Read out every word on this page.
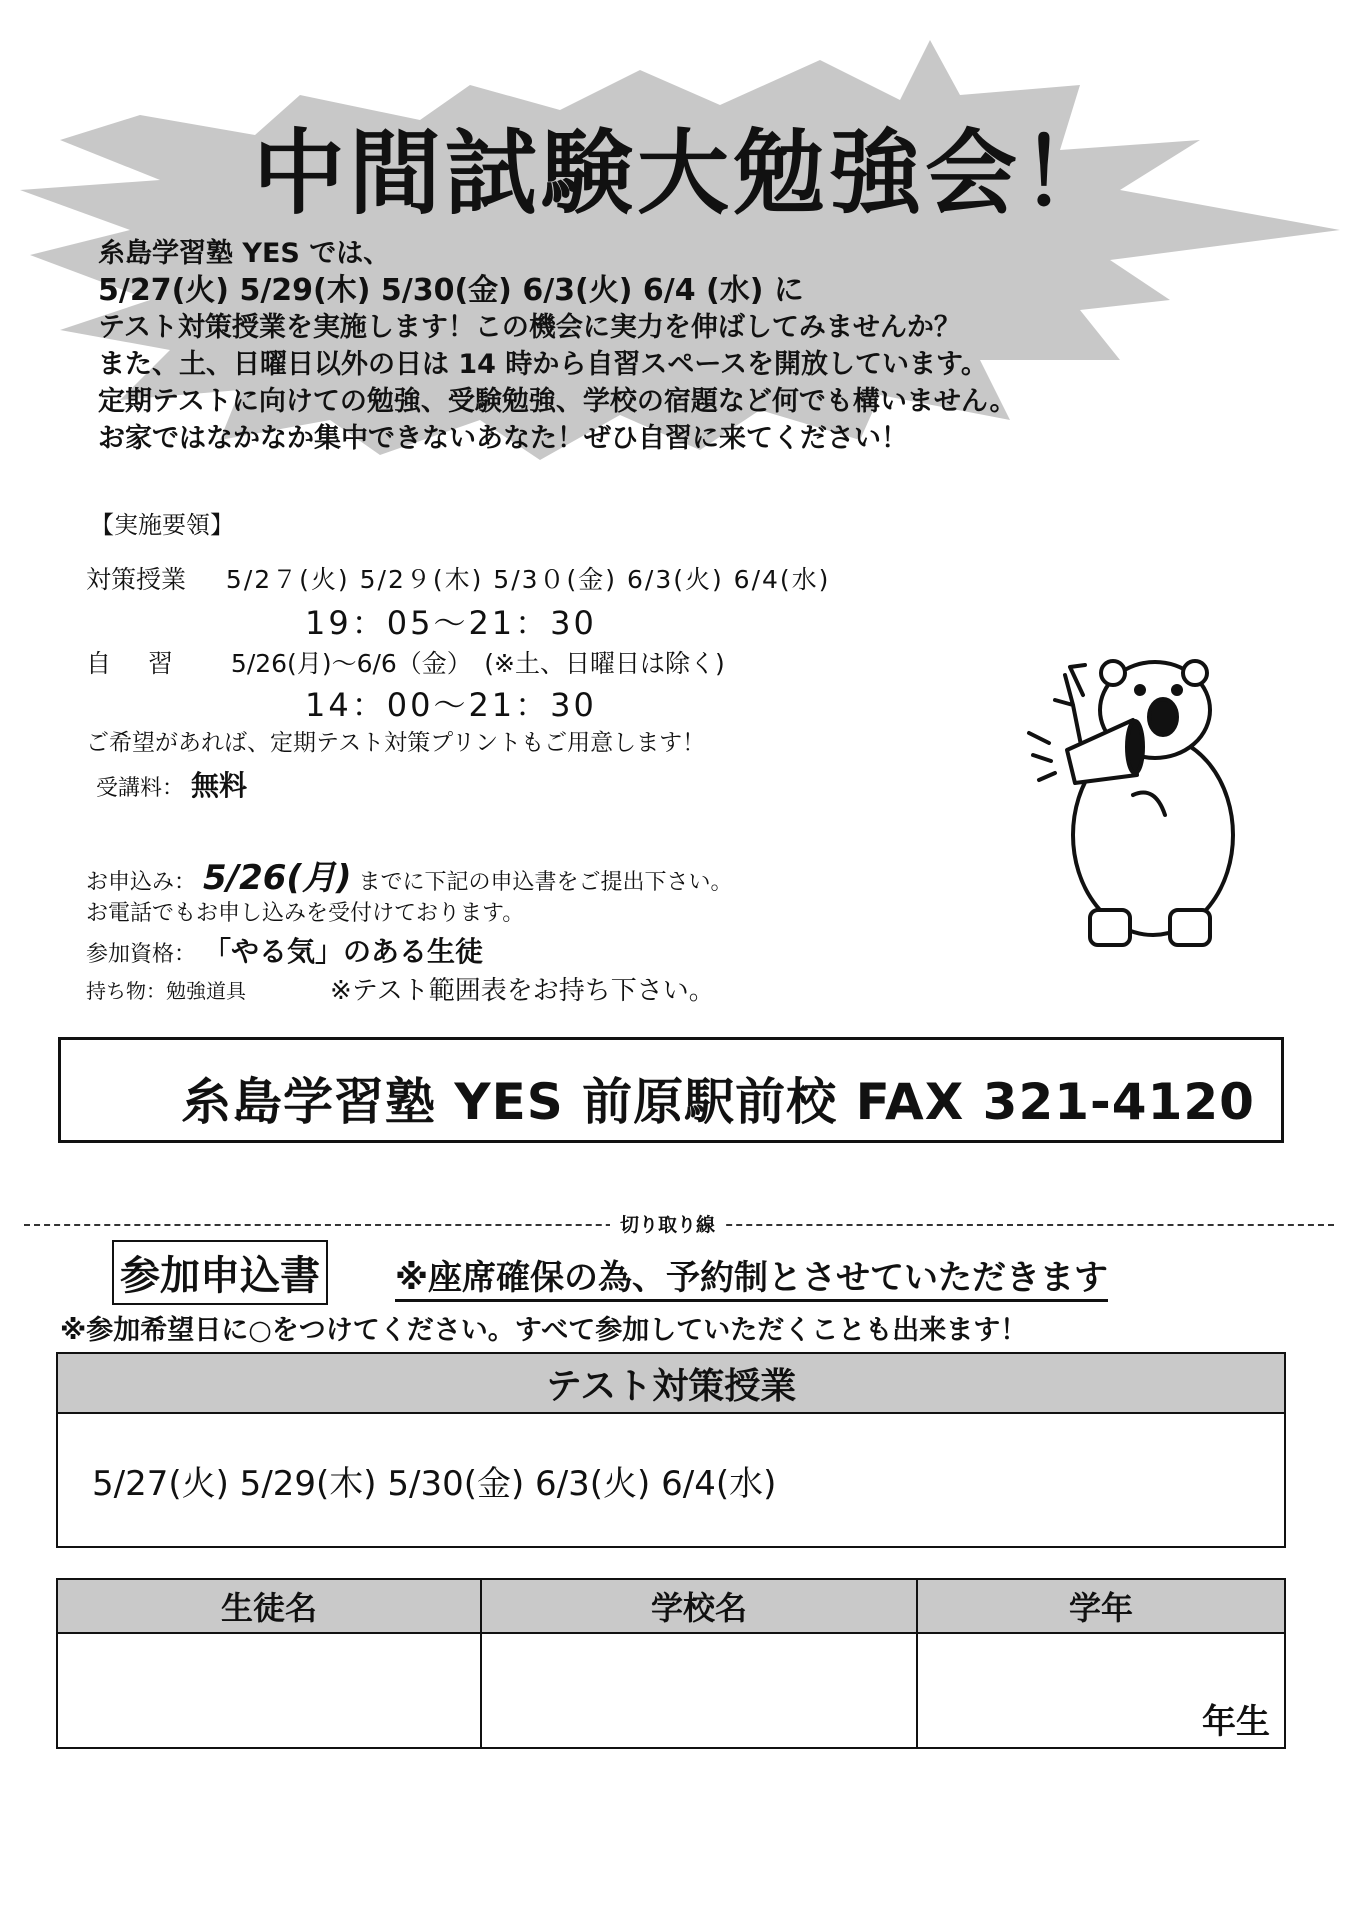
中間試験大勉強会！
糸島学習塾 YES では、
5/27(火) 5/29(木) 5/30(金) 6/3(火) 6/4 (水) に
テスト対策授業を実施します！この機会に実力を伸ばしてみませんか？
また、土、日曜日以外の日は 14 時から自習スペースを開放しています。
定期テストに向けての勉強、受験勉強、学校の宿題など何でも構いません。
お家ではなかなか集中できないあなた！ぜひ自習に来てください！
【実施要領】
対策授業 5/2７(火) 5/2９(木) 5/3０(金) 6/3(火) 6/4(水)
19：05～21：30
自　習 5/26(月)～6/6（金）　(※土、日曜日は除く)
14：00～21：30
ご希望があれば、定期テスト対策プリントもご用意します！
受講料： 無料
お申込み： 5/26(月) までに下記の申込書をご提出下さい。
お電話でもお申し込みを受付けております。
参加資格： 「やる気」のある生徒
持ち物：勉強道具	※テスト範囲表をお持ち下さい。
糸島学習塾 YES 前原駅前校 FAX 321-4120
切り取り線
参加申込書 ※座席確保の為、予約制とさせていただきます
※参加希望日に○をつけてください。すべて参加していただくことも出来ます！
テスト対策授業
5/27(火) 5/29(木) 5/30(金) 6/3(火) 6/4(水)
生徒名	学校名	学年
		年生
